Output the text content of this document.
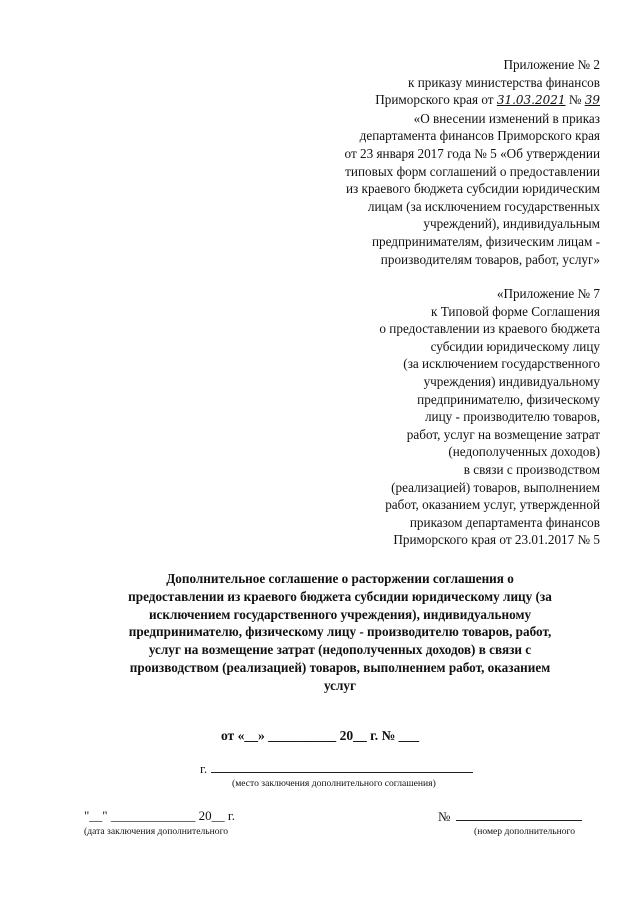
Приложение № 2
к приказу министерства финансов
Приморского края от 31.03.2021 № 39
«О внесении изменений в приказ
департамента финансов Приморского края
от 23 января 2017 года № 5 «Об утверждении
типовых форм соглашений о предоставлении
из краевого бюджета субсидии юридическим
лицам (за исключением государственных
учреждений), индивидуальным
предпринимателям, физическим лицам -
производителям товаров, работ, услуг»
«Приложение № 7
к Типовой форме Соглашения
о предоставлении из краевого бюджета
субсидии юридическому лицу
(за исключением государственного
учреждения) индивидуальному
предпринимателю, физическому
лицу - производителю товаров,
работ, услуг на возмещение затрат
(недополученных доходов)
в связи с производством
(реализацией) товаров, выполнением
работ, оказанием услуг, утвержденной
приказом департамента финансов
Приморского края от 23.01.2017 № 5
Дополнительное соглашение о расторжении соглашения о
предоставлении из краевого бюджета субсидии юридическому лицу (за
исключением государственного учреждения), индивидуальному
предпринимателю, физическому лицу - производителю товаров, работ,
услуг на возмещение затрат (недополученных доходов) в связи с
производством (реализацией) товаров, выполнением работ, оказанием
услуг
от «__» __________ 20__ г. № ___
г.
(место заключения дополнительного соглашения)
"__" _____________ 20__ г.
(дата заключения дополнительного
№
(номер дополнительного
